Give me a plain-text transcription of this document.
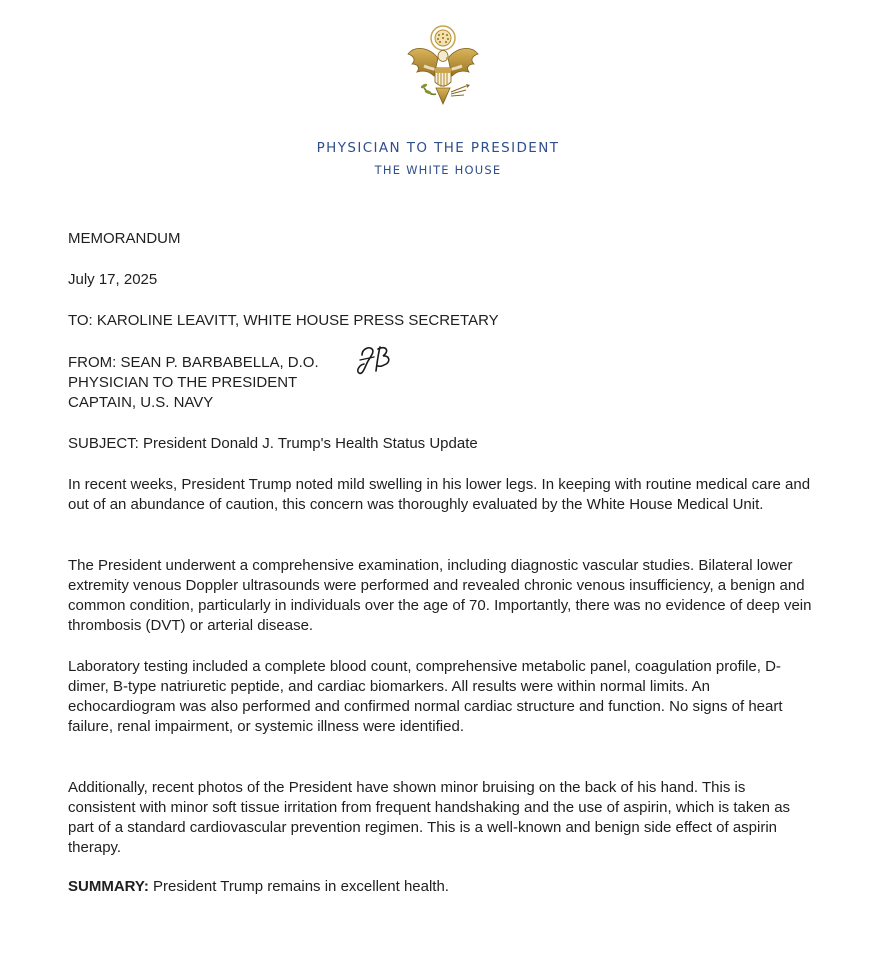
PHYSICIAN TO THE PRESIDENT
THE WHITE HOUSE
MEMORANDUM
July 17, 2025
TO: KAROLINE LEAVITT, WHITE HOUSE PRESS SECRETARY
FROM: SEAN P. BARBABELLA, D.O.
PHYSICIAN TO THE PRESIDENT
CAPTAIN, U.S. NAVY
SUBJECT: President Donald J. Trump's Health Status Update
In recent weeks, President Trump noted mild swelling in his lower legs. In keeping with routine medical care and out of an abundance of caution, this concern was thoroughly evaluated by the White House Medical Unit.
The President underwent a comprehensive examination, including diagnostic vascular studies. Bilateral lower extremity venous Doppler ultrasounds were performed and revealed chronic venous insufficiency, a benign and common condition, particularly in individuals over the age of 70. Importantly, there was no evidence of deep vein thrombosis (DVT) or arterial disease.
Laboratory testing included a complete blood count, comprehensive metabolic panel, coagulation profile, D-dimer, B-type natriuretic peptide, and cardiac biomarkers. All results were within normal limits. An echocardiogram was also performed and confirmed normal cardiac structure and function. No signs of heart failure, renal impairment, or systemic illness were identified.
Additionally, recent photos of the President have shown minor bruising on the back of his hand. This is consistent with minor soft tissue irritation from frequent handshaking and the use of aspirin, which is taken as part of a standard cardiovascular prevention regimen. This is a well-known and benign side effect of aspirin therapy.
SUMMARY: President Trump remains in excellent health.
